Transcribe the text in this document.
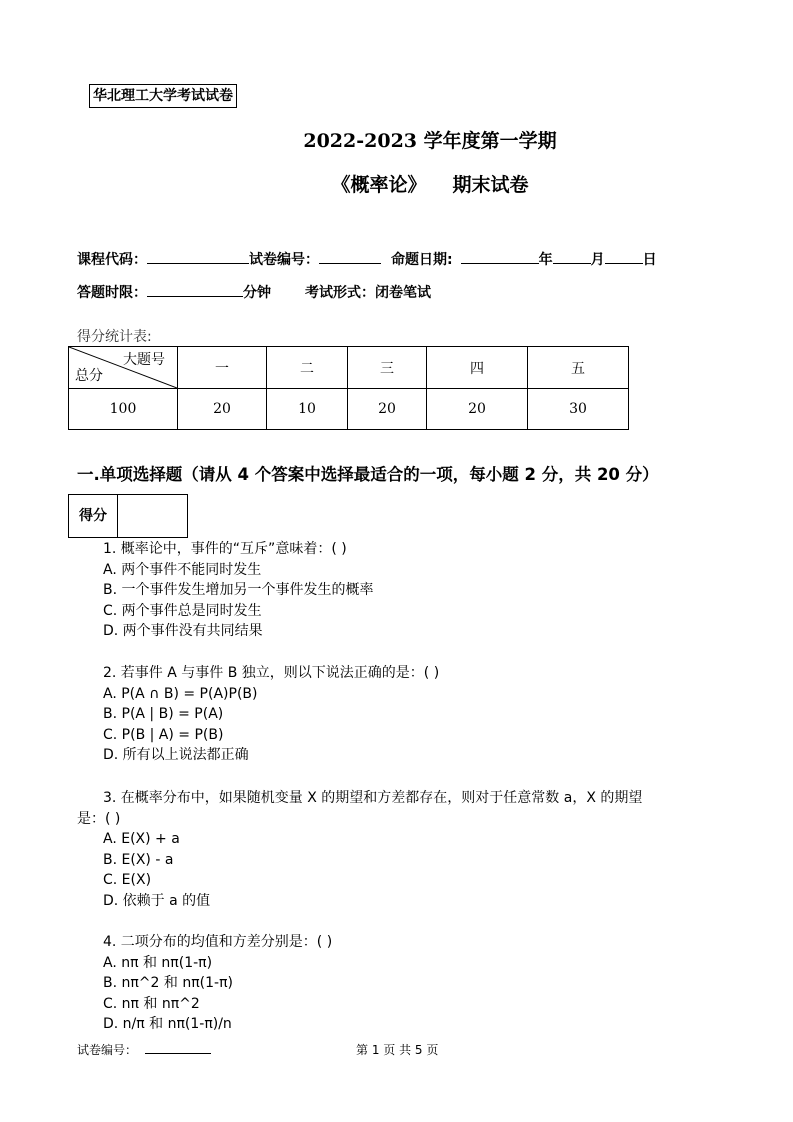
华北理工大学考试试卷
2022-2023 学年度第一学期
《概率论》 期末试卷
课程代码：	试卷编号：	命题日期:	年	月	日
答题时限：	分钟 考试形式：闭卷笔试
得分统计表:
大题号
总分	一	二	三	四	五
100	20	10	20	20	30
一.单项选择题（请从 4 个答案中选择最适合的一项，每小题 2 分，共 20 分）
得分
1. 概率论中，事件的“互斥”意味着：( )
A. 两个事件不能同时发生
B. 一个事件发生增加另一个事件发生的概率
C. 两个事件总是同时发生
D. 两个事件没有共同结果
2. 若事件 A 与事件 B 独立，则以下说法正确的是：( )
A. P(A ∩ B) = P(A)P(B)
B. P(A | B) = P(A)
C. P(B | A) = P(B)
D. 所有以上说法都正确
3. 在概率分布中，如果随机变量 X 的期望和方差都存在，则对于任意常数 a，X 的期望
是：( )
A. E(X) + a
B. E(X) - a
C. E(X)
D. 依赖于 a 的值
4. 二项分布的均值和方差分别是：( )
A. nπ 和 nπ(1-π)
B. nπ^2 和 nπ(1-π)
C. nπ 和 nπ^2
D. n/π 和 nπ(1-π)/n
试卷编号：	第 1 页 共 5 页
